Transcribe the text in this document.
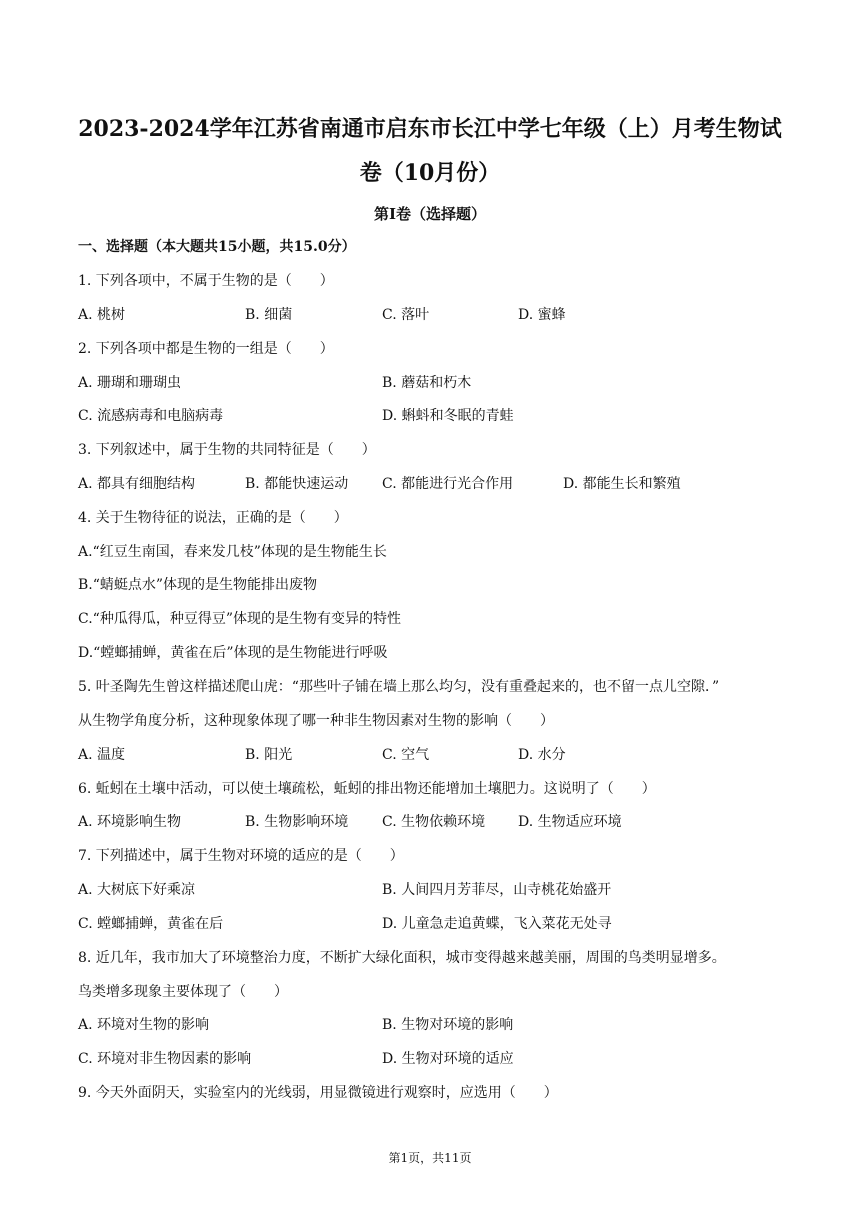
2023-2024学年江苏省南通市启东市长江中学七年级（上）月考生物试
卷（10月份）
第I卷（选择题）
一、选择题（本大题共15小题，共15.0分）
1. 下列各项中，不属于生物的是（　　）
A. 桃树	B. 细菌	C. 落叶	D. 蜜蜂
2. 下列各项中都是生物的一组是（　　）
A. 珊瑚和珊瑚虫	B. 蘑菇和朽木
C. 流感病毒和电脑病毒	D. 蝌蚪和冬眠的青蛙
3. 下列叙述中，属于生物的共同特征是（　　）
A. 都具有细胞结构	B. 都能快速运动 C. 都能进行光合作用	D. 都能生长和繁殖
4. 关于生物待征的说法，正确的是（　　）
A.“红豆生南国，春来发几枝”体现的是生物能生长
B.“蜻蜓点水”体现的是生物能排出废物
C.“种瓜得瓜，种豆得豆”体现的是生物有变异的特性
D.“螳螂捕蝉，黄雀在后”体现的是生物能进行呼吸
5. 叶圣陶先生曾这样描述爬山虎：“那些叶子铺在墙上那么均匀，没有重叠起来的，也不留一点儿空隙．”
从生物学角度分析，这种现象体现了哪一种非生物因素对生物的影响（　　）
A. 温度	B. 阳光	C. 空气	D. 水分
6. 蚯蚓在土壤中活动，可以使土壤疏松，蚯蚓的排出物还能增加土壤肥力。这说明了（　　）
A. 环境影响生物	B. 生物影响环境 C. 生物依赖环境 D. 生物适应环境
7. 下列描述中，属于生物对环境的适应的是（　　）
A. 大树底下好乘凉	B. 人间四月芳菲尽，山寺桃花始盛开
C. 螳螂捕蝉，黄雀在后	D. 儿童急走追黄蝶，飞入菜花无处寻
8. 近几年，我市加大了环境整治力度，不断扩大绿化面积，城市变得越来越美丽，周围的鸟类明显增多。
鸟类增多现象主要体现了（　　）
A. 环境对生物的影响	B. 生物对环境的影响
C. 环境对非生物因素的影响	D. 生物对环境的适应
9. 今天外面阴天，实验室内的光线弱，用显微镜进行观察时，应选用（　　）
第1页，共11页
